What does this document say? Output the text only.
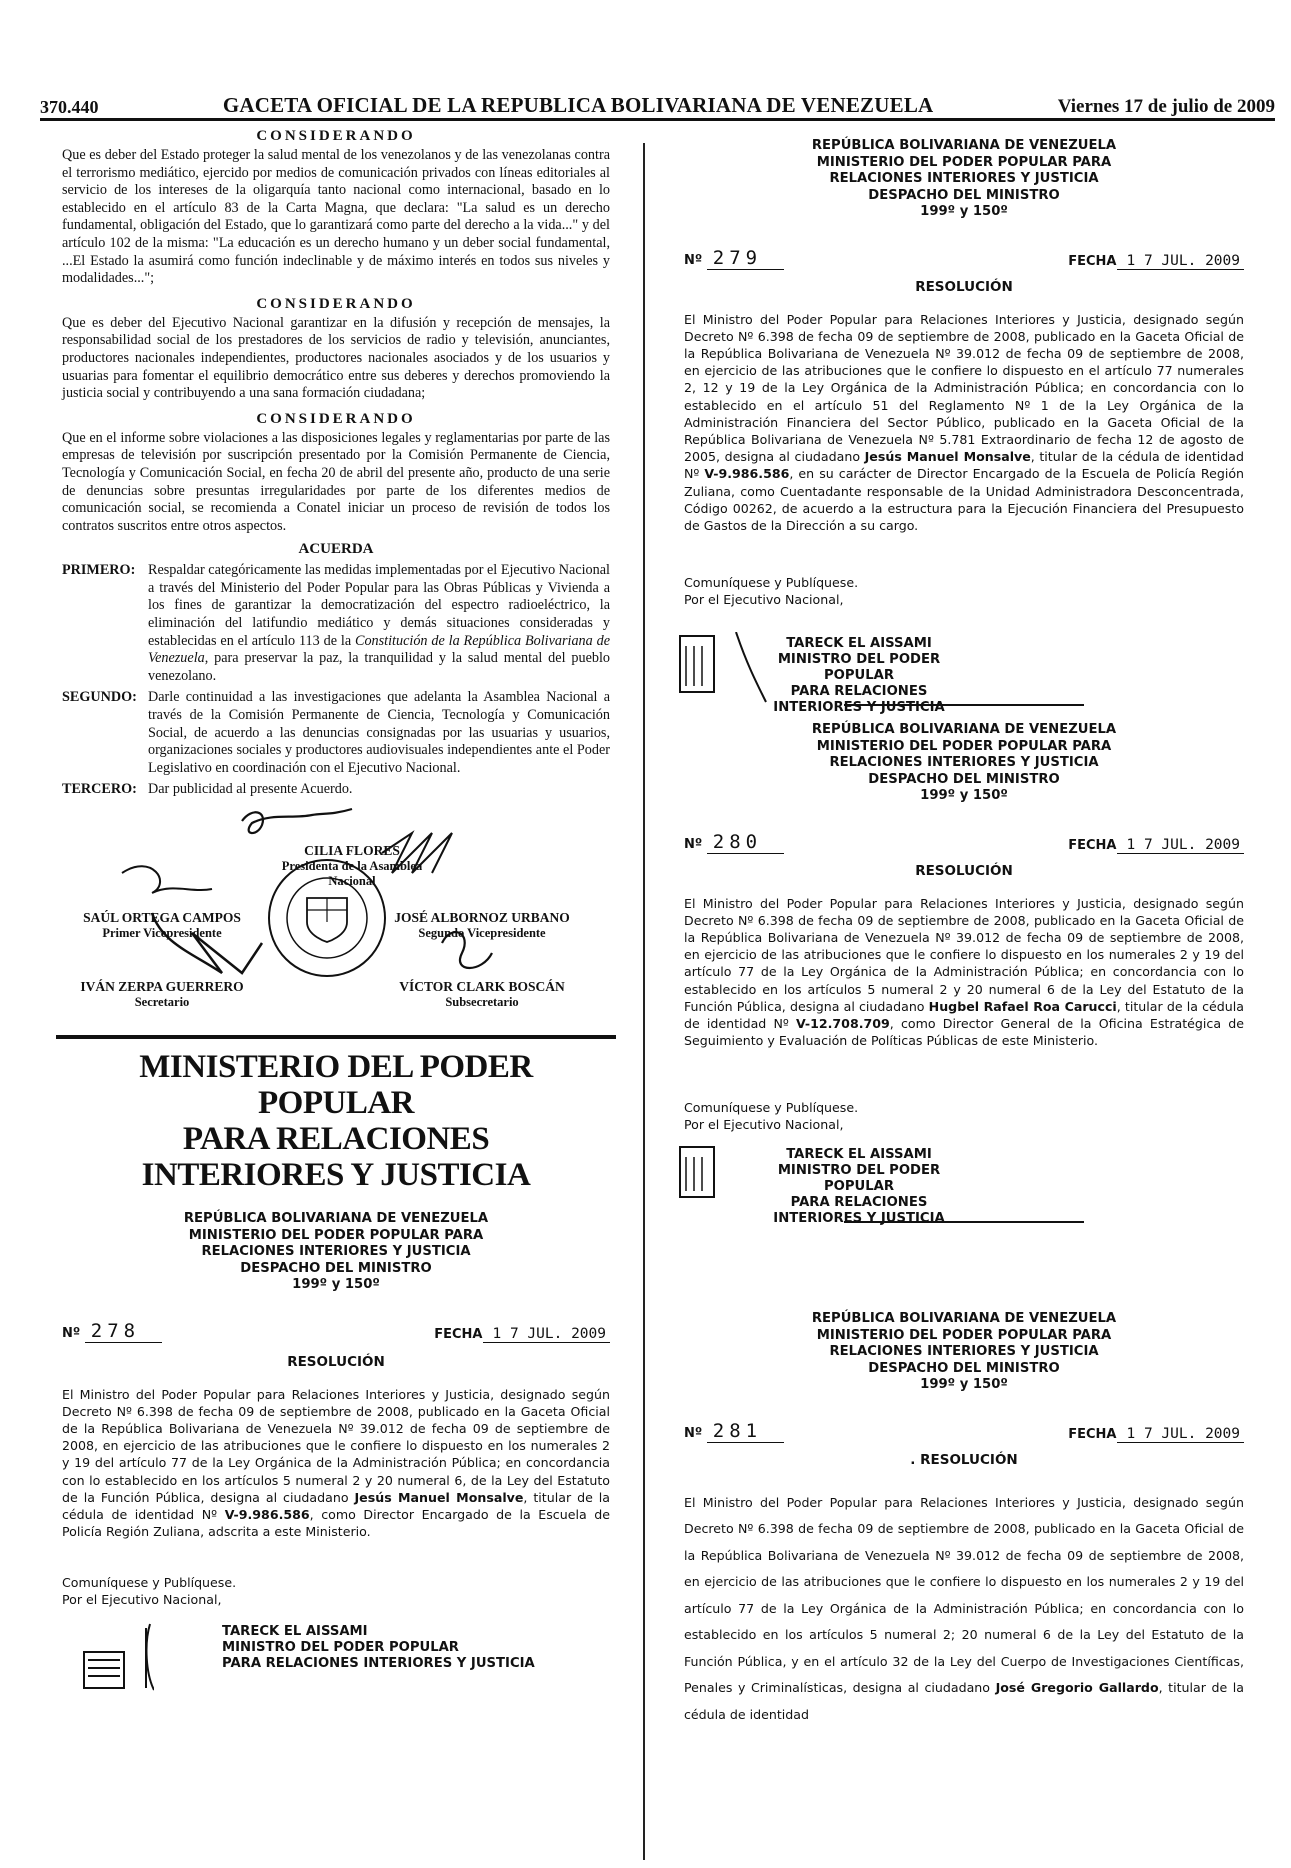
370.440	GACETA OFICIAL DE LA REPUBLICA BOLIVARIANA DE VENEZUELA	Viernes 17 de julio de 2009
CONSIDERANDO
Que es deber del Estado proteger la salud mental de los venezolanos y de las venezolanas contra el terrorismo mediático, ejercido por medios de comunicación privados con líneas editoriales al servicio de los intereses de la oligarquía tanto nacional como internacional, basado en lo establecido en el artículo 83 de la Carta Magna, que declara: "La salud es un derecho fundamental, obligación del Estado, que lo garantizará como parte del derecho a la vida..." y del artículo 102 de la misma: "La educación es un derecho humano y un deber social fundamental, ...El Estado la asumirá como función indeclinable y de máximo interés en todos sus niveles y modalidades...";
CONSIDERANDO
Que es deber del Ejecutivo Nacional garantizar en la difusión y recepción de mensajes, la responsabilidad social de los prestadores de los servicios de radio y televisión, anunciantes, productores nacionales independientes, productores nacionales asociados y de los usuarios y usuarias para fomentar el equilibrio democrático entre sus deberes y derechos promoviendo la justicia social y contribuyendo a una sana formación ciudadana;
CONSIDERANDO
Que en el informe sobre violaciones a las disposiciones legales y reglamentarias por parte de las empresas de televisión por suscripción presentado por la Comisión Permanente de Ciencia, Tecnología y Comunicación Social, en fecha 20 de abril del presente año, producto de una serie de denuncias sobre presuntas irregularidades por parte de los diferentes medios de comunicación social, se recomienda a Conatel iniciar un proceso de revisión de todos los contratos suscritos entre otros aspectos.
ACUERDA
PRIMERO: Respaldar categóricamente las medidas implementadas por el Ejecutivo Nacional a través del Ministerio del Poder Popular para las Obras Públicas y Vivienda a los fines de garantizar la democratización del espectro radioeléctrico, la eliminación del latifundio mediático y demás situaciones consideradas y establecidas en el artículo 113 de la Constitución de la República Bolivariana de Venezuela, para preservar la paz, la tranquilidad y la salud mental del pueblo venezolano.
SEGUNDO: Darle continuidad a las investigaciones que adelanta la Asamblea Nacional a través de la Comisión Permanente de Ciencia, Tecnología y Comunicación Social, de acuerdo a las denuncias consignadas por las usuarias y usuarios, organizaciones sociales y productores audiovisuales independientes ante el Poder Legislativo en coordinación con el Ejecutivo Nacional.
TERCERO: Dar publicidad al presente Acuerdo.
CILIA FLORES
Presidenta de la Asamblea Nacional
SAÚL ORTEGA CAMPOS
Primer Vicepresidente
JOSÉ ALBORNOZ URBANO
Segundo Vicepresidente
IVÁN ZERPA GUERRERO
Secretario
VÍCTOR CLARK BOSCÁN
Subsecretario
MINISTERIO DEL PODER POPULAR
PARA RELACIONES
INTERIORES Y JUSTICIA
REPÚBLICA BOLIVARIANA DE VENEZUELA
MINISTERIO DEL PODER POPULAR PARA
RELACIONES INTERIORES Y JUSTICIA
DESPACHO DEL MINISTRO
199º y 150º
Nº 278	FECHA 1 7 JUL. 2009
RESOLUCIÓN
El Ministro del Poder Popular para Relaciones Interiores y Justicia, designado según Decreto Nº 6.398 de fecha 09 de septiembre de 2008, publicado en la Gaceta Oficial de la República Bolivariana de Venezuela Nº 39.012 de fecha 09 de septiembre de 2008, en ejercicio de las atribuciones que le confiere lo dispuesto en los numerales 2 y 19 del artículo 77 de la Ley Orgánica de la Administración Pública; en concordancia con lo establecido en los artículos 5 numeral 2 y 20 numeral 6, de la Ley del Estatuto de la Función Pública, designa al ciudadano Jesús Manuel Monsalve, titular de la cédula de identidad Nº V-9.986.586, como Director Encargado de la Escuela de Policía Región Zuliana, adscrita a este Ministerio.
Comuníquese y Publíquese.
Por el Ejecutivo Nacional,
TARECK EL AISSAMI
MINISTRO DEL PODER POPULAR
PARA RELACIONES INTERIORES Y JUSTICIA
REPÚBLICA BOLIVARIANA DE VENEZUELA
MINISTERIO DEL PODER POPULAR PARA
RELACIONES INTERIORES Y JUSTICIA
DESPACHO DEL MINISTRO
199º y 150º
Nº 279	FECHA 1 7 JUL. 2009
RESOLUCIÓN
El Ministro del Poder Popular para Relaciones Interiores y Justicia, designado según Decreto Nº 6.398 de fecha 09 de septiembre de 2008, publicado en la Gaceta Oficial de la República Bolivariana de Venezuela Nº 39.012 de fecha 09 de septiembre de 2008, en ejercicio de las atribuciones que le confiere lo dispuesto en el artículo 77 numerales 2, 12 y 19 de la Ley Orgánica de la Administración Pública; en concordancia con lo establecido en el artículo 51 del Reglamento Nº 1 de la Ley Orgánica de la Administración Financiera del Sector Público, publicado en la Gaceta Oficial de la República Bolivariana de Venezuela Nº 5.781 Extraordinario de fecha 12 de agosto de 2005, designa al ciudadano Jesús Manuel Monsalve, titular de la cédula de identidad Nº V-9.986.586, en su carácter de Director Encargado de la Escuela de Policía Región Zuliana, como Cuentadante responsable de la Unidad Administradora Desconcentrada, Código 00262, de acuerdo a la estructura para la Ejecución Financiera del Presupuesto de Gastos de la Dirección a su cargo.
Comuníquese y Publíquese.
Por el Ejecutivo Nacional,
TARECK EL AISSAMI
MINISTRO DEL PODER POPULAR
PARA RELACIONES INTERIORES Y JUSTICIA
REPÚBLICA BOLIVARIANA DE VENEZUELA
MINISTERIO DEL PODER POPULAR PARA
RELACIONES INTERIORES Y JUSTICIA
DESPACHO DEL MINISTRO
199º y 150º
Nº 280	FECHA 1 7 JUL. 2009
RESOLUCIÓN
El Ministro del Poder Popular para Relaciones Interiores y Justicia, designado según Decreto Nº 6.398 de fecha 09 de septiembre de 2008, publicado en la Gaceta Oficial de la República Bolivariana de Venezuela Nº 39.012 de fecha 09 de septiembre de 2008, en ejercicio de las atribuciones que le confiere lo dispuesto en los numerales 2 y 19 del artículo 77 de la Ley Orgánica de la Administración Pública; en concordancia con lo establecido en los artículos 5 numeral 2 y 20 numeral 6 de la Ley del Estatuto de la Función Pública, designa al ciudadano Hugbel Rafael Roa Carucci, titular de la cédula de identidad Nº V-12.708.709, como Director General de la Oficina Estratégica de Seguimiento y Evaluación de Políticas Públicas de este Ministerio.
Comuníquese y Publíquese.
Por el Ejecutivo Nacional,
TARECK EL AISSAMI
MINISTRO DEL PODER POPULAR
PARA RELACIONES INTERIORES Y JUSTICIA
REPÚBLICA BOLIVARIANA DE VENEZUELA
MINISTERIO DEL PODER POPULAR PARA
RELACIONES INTERIORES Y JUSTICIA
DESPACHO DEL MINISTRO
199º y 150º
Nº 281	FECHA 1 7 JUL. 2009
. RESOLUCIÓN
El Ministro del Poder Popular para Relaciones Interiores y Justicia, designado según Decreto Nº 6.398 de fecha 09 de septiembre de 2008, publicado en la Gaceta Oficial de la República Bolivariana de Venezuela Nº 39.012 de fecha 09 de septiembre de 2008, en ejercicio de las atribuciones que le confiere lo dispuesto en los numerales 2 y 19 del artículo 77 de la Ley Orgánica de la Administración Pública; en concordancia con lo establecido en los artículos 5 numeral 2; 20 numeral 6 de la Ley del Estatuto de la Función Pública, y en el artículo 32 de la Ley del Cuerpo de Investigaciones Científicas, Penales y Criminalísticas, designa al ciudadano José Gregorio Gallardo, titular de la cédula de identidad
